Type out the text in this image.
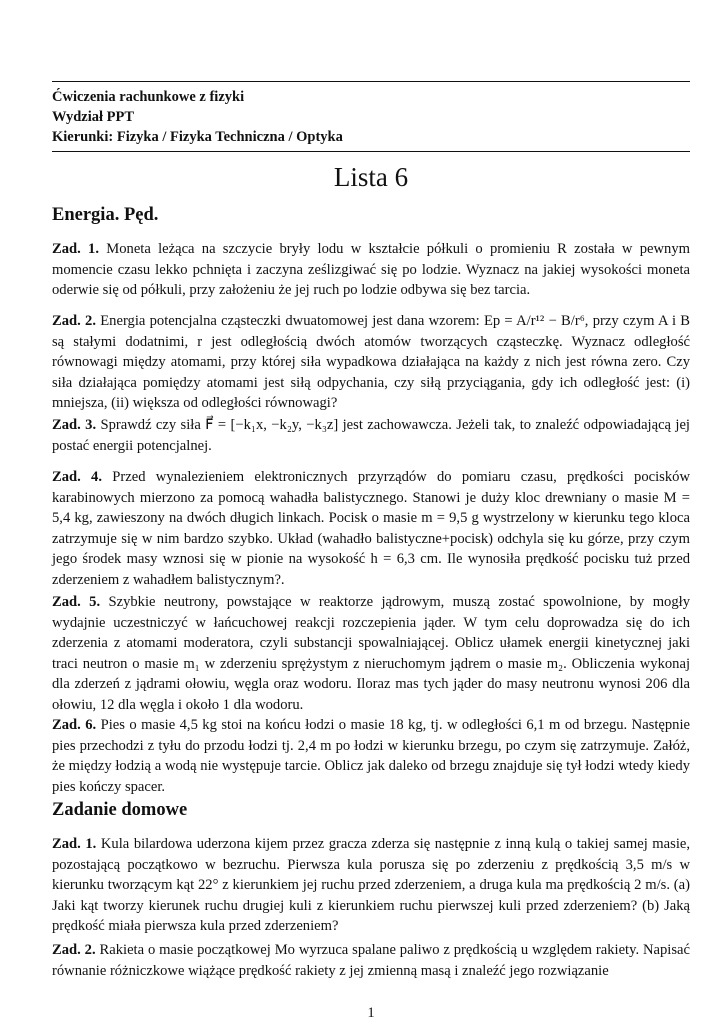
Ćwiczenia rachunkowe z fizyki
Wydział PPT
Kierunki: Fizyka / Fizyka Techniczna / Optyka
Lista 6
Energia. Pęd.
Zad. 1. Moneta leżąca na szczycie bryły lodu w kształcie półkuli o promieniu R została w pewnym momencie czasu lekko pchnięta i zaczyna ześlizgiwać się po lodzie. Wyznacz na jakiej wysokości moneta oderwie się od półkuli, przy założeniu że jej ruch po lodzie odbywa się bez tarcia.
Zad. 2. Energia potencjalna cząsteczki dwuatomowej jest dana wzorem: Ep = A/r¹² − B/r⁶, przy czym A i B są stałymi dodatnimi, r jest odległością dwóch atomów tworzących cząsteczkę. Wyznacz odległość równowagi między atomami, przy której siła wypadkowa działająca na każdy z nich jest równa zero. Czy siła działająca pomiędzy atomami jest siłą odpychania, czy siłą przyciągania, gdy ich odległość jest: (i) mniejsza, (ii) większa od odległości równowagi?
Zad. 3. Sprawdź czy siła F⃗ = [−k₁x, −k₂y, −k₃z] jest zachowawcza. Jeżeli tak, to znaleźć odpowiadającą jej postać energii potencjalnej.
Zad. 4. Przed wynalezieniem elektronicznych przyrządów do pomiaru czasu, prędkości pocisków karabinowych mierzono za pomocą wahadła balistycznego. Stanowi je duży kloc drewniany o masie M = 5,4 kg, zawieszony na dwóch długich linkach. Pocisk o masie m = 9,5 g wystrzelony w kierunku tego kloca zatrzymuje się w nim bardzo szybko. Układ (wahadło balistyczne+pocisk) odchyla się ku górze, przy czym jego środek masy wznosi się w pionie na wysokość h = 6,3 cm. Ile wynosiła prędkość pocisku tuż przed zderzeniem z wahadłem balistycznym?.
Zad. 5. Szybkie neutrony, powstające w reaktorze jądrowym, muszą zostać spowolnione, by mogły wydajnie uczestniczyć w łańcuchowej reakcji rozczepienia jąder. W tym celu doprowadza się do ich zderzenia z atomami moderatora, czyli substancji spowalniającej. Oblicz ułamek energii kinetycznej jaki traci neutron o masie m₁ w zderzeniu sprężystym z nieruchomym jądrem o masie m₂. Obliczenia wykonaj dla zderzeń z jądrami ołowiu, węgla oraz wodoru. Iloraz mas tych jąder do masy neutronu wynosi 206 dla ołowiu, 12 dla węgla i około 1 dla wodoru.
Zad. 6. Pies o masie 4,5 kg stoi na końcu łodzi o masie 18 kg, tj. w odległości 6,1 m od brzegu. Następnie pies przechodzi z tyłu do przodu łodzi tj. 2,4 m po łodzi w kierunku brzegu, po czym się zatrzymuje. Załóż, że między łodzią a wodą nie występuje tarcie. Oblicz jak daleko od brzegu znajduje się tył łodzi wtedy kiedy pies kończy spacer.
Zadanie domowe
Zad. 1. Kula bilardowa uderzona kijem przez gracza zderza się następnie z inną kulą o takiej samej masie, pozostającą początkowo w bezruchu. Pierwsza kula porusza się po zderzeniu z prędkością 3,5 m/s w kierunku tworzącym kąt 22° z kierunkiem jej ruchu przed zderzeniem, a druga kula ma prędkością 2 m/s. (a) Jaki kąt tworzy kierunek ruchu drugiej kuli z kierunkiem ruchu pierwszej kuli przed zderzeniem? (b) Jaką prędkość miała pierwsza kula przed zderzeniem?
Zad. 2. Rakieta o masie początkowej Mo wyrzuca spalane paliwo z prędkością u względem rakiety. Napisać równanie różniczkowe wiążące prędkość rakiety z jej zmienną masą i znaleźć jego rozwiązanie
1
